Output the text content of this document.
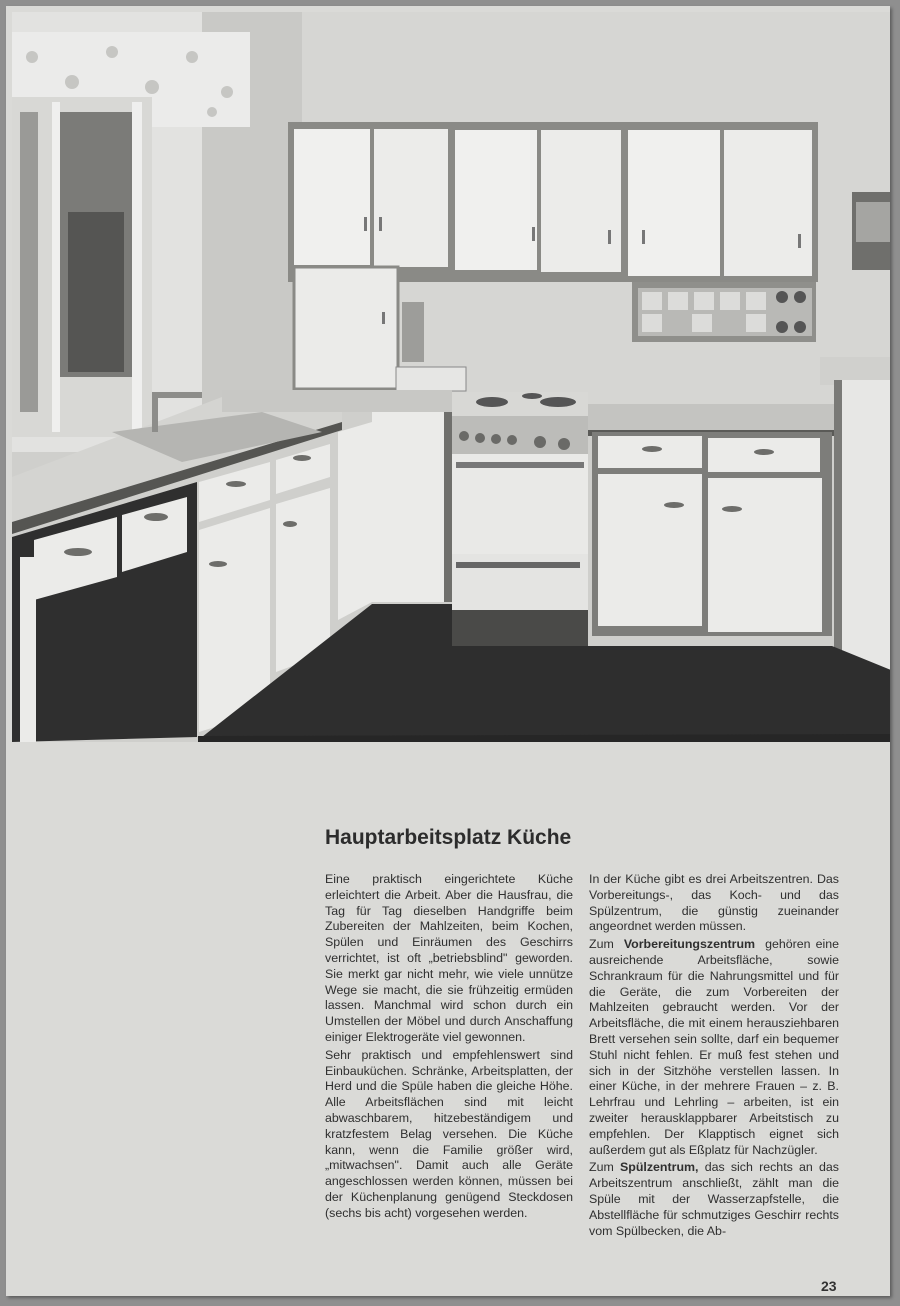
Hauptarbeitsplatz Küche

Eine praktisch eingerichtete Küche erleichtert die Arbeit. Aber die Hausfrau, die Tag für Tag dieselben Handgriffe beim Zubereiten der Mahlzeiten, beim Kochen, Spülen und Einräumen des Geschirrs verrichtet, ist oft „betriebsblind" geworden. Sie merkt gar nicht mehr, wie viele unnütze Wege sie macht, die sie frühzeitig ermüden lassen. Manchmal wird schon durch ein Umstellen der Möbel und durch Anschaffung einiger Elektrogeräte viel gewonnen.

Sehr praktisch und empfehlenswert sind Einbauküchen. Schränke, Arbeitsplatten, der Herd und die Spüle haben die gleiche Höhe. Alle Arbeitsflächen sind mit leicht abwaschbarem, hitzebeständigem und kratzfestem Belag versehen. Die Küche kann, wenn die Familie größer wird, „mitwachsen". Damit auch alle Geräte angeschlossen werden können, müssen bei der Küchenplanung genügend Steckdosen (sechs bis acht) vorgesehen werden.

In der Küche gibt es drei Arbeitszentren. Das Vorbereitungs-, das Koch- und das Spülzentrum, die günstig zueinander angeordnet werden müssen.

Zum Vorbereitungszentrum gehören eine ausreichende Arbeitsfläche, sowie Schrankraum für die Nahrungsmittel und für die Geräte, die zum Vorbereiten der Mahlzeiten gebraucht werden. Vor der Arbeitsfläche, die mit einem herausziehbaren Brett versehen sein sollte, darf ein bequemer Stuhl nicht fehlen. Er muß fest stehen und sich in der Sitzhöhe verstellen lassen. In einer Küche, in der mehrere Frauen – z. B. Lehrfrau und Lehrling – arbeiten, ist ein zweiter herausklappbarer Arbeitstisch zu empfehlen. Der Klapptisch eignet sich außerdem gut als Eßplatz für Nachzügler.

Zum Spülzentrum, das sich rechts an das Arbeitszentrum anschließt, zählt man die Spüle mit der Wasserzapfstelle, die Abstellfläche für schmutziges Geschirr rechts vom Spülbecken, die Ab-

23
